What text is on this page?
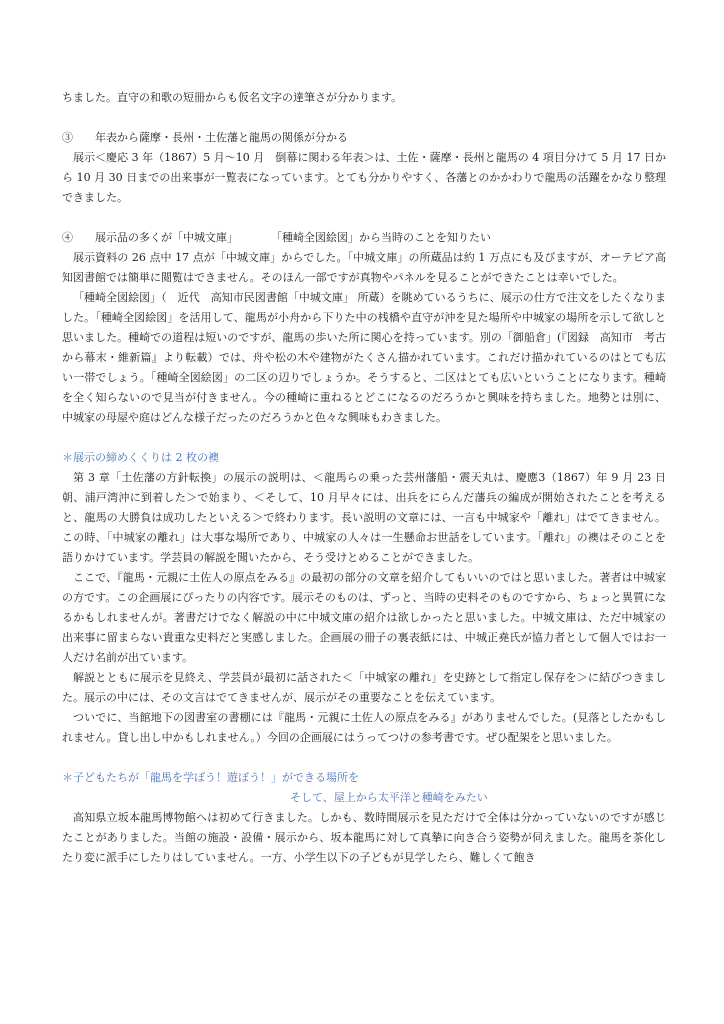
ちました。直守の和歌の短冊からも仮名文字の達筆さが分かります。

③　　年表から薩摩・長州・土佐藩と龍馬の関係が分かる

展示＜慶応 3 年（1867）5 月～10 月　倒幕に関わる年表＞は、土佐・薩摩・長州と龍馬の 4 項目分けて 5 月 17 日から 10 月 30 日までの出来事が一覧表になっています。とても分かりやすく、各藩とのかかわりで龍馬の活躍をかなり整理できました。

④　　展示品の多くが「中城文庫」　　　　「種崎全図絵図」から当時のことを知りたい

展示資料の 26 点中 17 点が「中城文庫」からでした。「中城文庫」の所蔵品は約 1 万点にも及びますが、オーテピア高知図書館では簡単に閲覧はできません。そのほん一部ですが真物やパネルを見ることができたことは幸いでした。

「種崎全図絵図」（　近代　高知市民図書館「中城文庫」 所蔵）を眺めているうちに、展示の仕方で注文をしたくなりました。「種崎全図絵図」を活用して、龍馬が小舟から下りた中の桟橋や直守が沖を見た場所や中城家の場所を示して欲しと思いました。種崎での道程は短いのですが、龍馬の歩いた所に関心を持っています。別の「御船倉」(『図録　高知市　考古から幕末・維新篇』より転載）では、舟や松の木や建物がたくさん描かれています。これだけ描かれているのはとても広い一帯でしょう。「種崎全図絵図」の二区の辺りでしょうか。そうすると、二区はとても広いということになります。種崎を全く知らないので見当が付きません。今の種崎に重ねるとどこになるのだろうかと興味を持ちました。地勢とは別に、中城家の母屋や庭はどんな様子だったのだろうかと色々な興味もわきました。

＊展示の締めくくりは 2 枚の襖

第 3 章「土佐藩の方針転換」の展示の説明は、＜龍馬らの乗った芸州藩船・震天丸は、慶應3（1867）年 9 月 23 日朝、浦戸湾沖に到着した＞で始まり、＜そして、10 月早々には、出兵をにらんだ藩兵の編成が開始されたことを考えると、龍馬の大勝負は成功したといえる＞で終わります。長い説明の文章には、一言も中城家や「離れ」はでてきません。この時、「中城家の離れ」は大事な場所であり、中城家の人々は一生懸命お世話をしています。「離れ」の襖はそのことを語りかけています。学芸員の解説を聞いたから、そう受けとめることができました。

ここで、『龍馬・元親に土佐人の原点をみる』の最初の部分の文章を紹介してもいいのではと思いました。著者は中城家の方です。この企画展にぴったりの内容です。展示そのものは、ずっと、当時の史料そのものですから、ちょっと異質になるかもしれませんが。著書だけでなく解説の中に中城文庫の紹介は欲しかったと思いました。中城文庫は、ただ中城家の出来事に留まらない貴重な史料だと実感しました。企画展の冊子の裏表紙には、中城正堯氏が協力者として個人ではお一人だけ名前が出ています。

解説とともに展示を見終え、学芸員が最初に話された＜「中城家の離れ」を史跡として指定し保存を＞に結びつきました。展示の中には、その文言はでてきませんが、展示がその重要なことを伝えています。

ついでに、当館地下の図書室の書棚には『龍馬・元親に土佐人の原点をみる』がありませんでした。(見落としたかもしれません。貸し出し中かもしれません。）今回の企画展にはうってつけの参考書です。ぜひ配架をと思いました。

＊子どもたちが「龍馬を学ぼう！遊ぼう！」ができる場所を

そして、屋上から太平洋と種崎をみたい

高知県立坂本龍馬博物館へは初めて行きました。しかも、数時間展示を見ただけで全体は分かっていないのですが感じたことがありました。当館の施設・設備・展示から、坂本龍馬に対して真摯に向き合う姿勢が伺えました。龍馬を茶化したり変に派手にしたりはしていません。一方、小学生以下の子どもが見学したら、難しくて飽き
